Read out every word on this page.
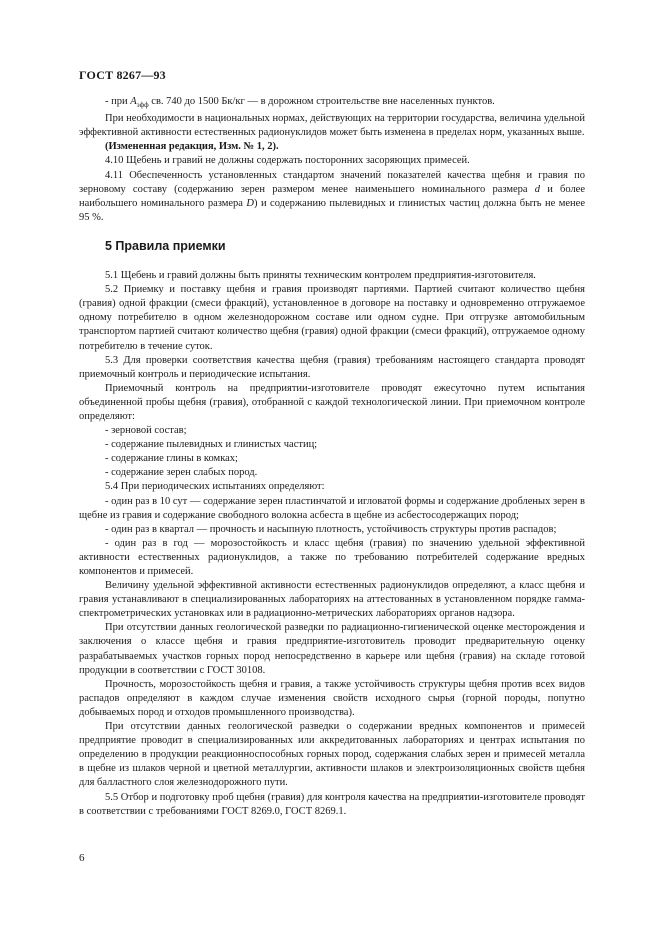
ГОСТ 8267—93

- при $A_{эфф}$ св. 740 до 1500 Бк/кг — в дорожном строительстве вне населенных пунктов.

При необходимости в национальных нормах, действующих на территории государства, величина удельной эффективной активности естественных радионуклидов может быть изменена в пределах норм, указанных выше.

(Измененная редакция, Изм. № 1, 2).

4.10 Щебень и гравий не должны содержать посторонних засоряющих примесей.

4.11 Обеспеченность установленных стандартом значений показателей качества щебня и гравия по зерновому составу (содержанию зерен размером менее наименьшего номинального размера d и более наибольшего номинального размера D) и содержанию пылевидных и глинистых частиц должна быть не менее 95 %.

5 Правила приемки

5.1 Щебень и гравий должны быть приняты техническим контролем предприятия-изготовителя.

5.2 Приемку и поставку щебня и гравия производят партиями. Партией считают количество щебня (гравия) одной фракции (смеси фракций), установленное в договоре на поставку и одновременно отгружаемое одному потребителю в одном железнодорожном составе или одном судне. При отгрузке автомобильным транспортом партией считают количество щебня (гравия) одной фракции (смеси фракций), отгружаемое одному потребителю в течение суток.

5.3 Для проверки соответствия качества щебня (гравия) требованиям настоящего стандарта проводят приемочный контроль и периодические испытания.

Приемочный контроль на предприятии-изготовителе проводят ежесуточно путем испытания объединенной пробы щебня (гравия), отобранной с каждой технологической линии. При приемочном контроле определяют:

- зерновой состав;

- содержание пылевидных и глинистых частиц;

- содержание глины в комках;

- содержание зерен слабых пород.

5.4 При периодических испытаниях определяют:

- один раз в 10 сут — содержание зерен пластинчатой и игловатой формы и содержание дробленых зерен в щебне из гравия и содержание свободного волокна асбеста в щебне из асбестосодержащих пород;

- один раз в квартал — прочность и насыпную плотность, устойчивость структуры против распадов;

- один раз в год — морозостойкость и класс щебня (гравия) по значению удельной эффективной активности естественных радионуклидов, а также по требованию потребителей содержание вредных компонентов и примесей.

Величину удельной эффективной активности естественных радионуклидов определяют, а класс щебня и гравия устанавливают в специализированных лабораториях на аттестованных в установленном порядке гамма-спектрометрических установках или в радиационно-метрических лабораториях органов надзора.

При отсутствии данных геологической разведки по радиационно-гигиенической оценке месторождения и заключения о классе щебня и гравия предприятие-изготовитель проводит предварительную оценку разрабатываемых участков горных пород непосредственно в карьере или щебня (гравия) на складе готовой продукции в соответствии с ГОСТ 30108.

Прочность, морозостойкость щебня и гравия, а также устойчивость структуры щебня против всех видов распадов определяют в каждом случае изменения свойств исходного сырья (горной породы, попутно добываемых пород и отходов промышленного производства).

При отсутствии данных геологической разведки о содержании вредных компонентов и примесей предприятие проводит в специализированных или аккредитованных лабораториях и центрах испытания по определению в продукции реакционноспособных горных пород, содержания слабых зерен и примесей металла в щебне из шлаков черной и цветной металлургии, активности шлаков и электроизоляционных свойств щебня для балластного слоя железнодорожного пути.

5.5 Отбор и подготовку проб щебня (гравия) для контроля качества на предприятии-изготовителе проводят в соответствии с требованиями ГОСТ 8269.0, ГОСТ 8269.1.

6
